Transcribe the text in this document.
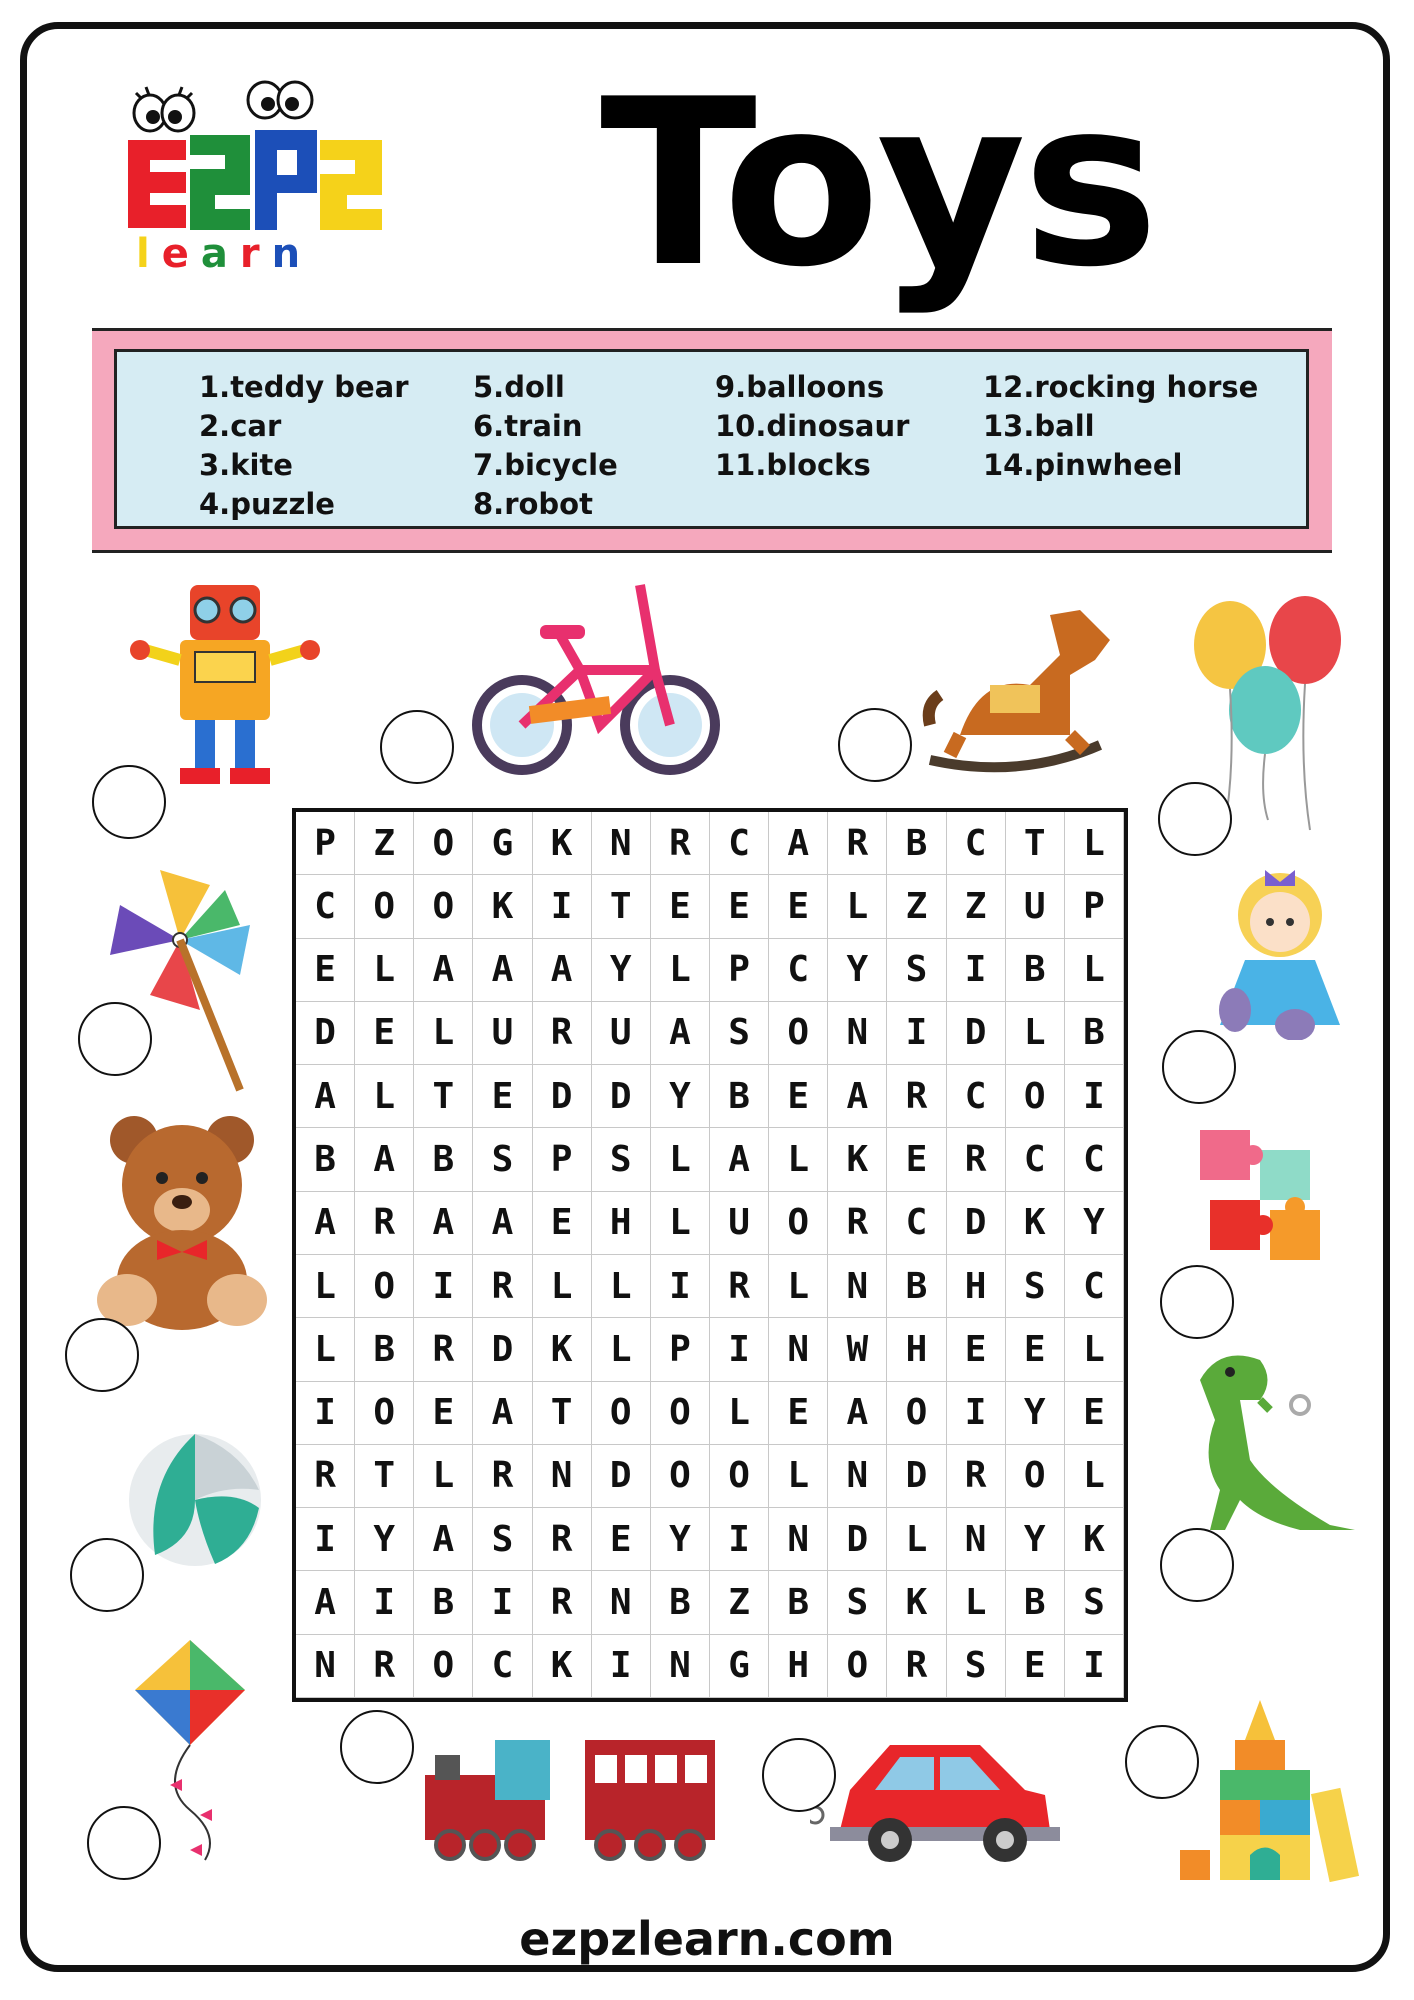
learn Toys
1.teddy bear
2.car
3.kite
4.puzzle
5.doll
6.train
7.bicycle
8.robot
9.balloons
10.dinosaur
11.blocks
12.rocking horse
13.ball
14.pinwheel
P	Z	O	G	K	N	R	C	A	R	B	C	T	L
C	O	O	K	I	T	E	E	E	L	Z	Z	U	P
E	L	A	A	A	Y	L	P	C	Y	S	I	B	L
D	E	L	U	R	U	A	S	O	N	I	D	L	B
A	L	T	E	D	D	Y	B	E	A	R	C	O	I
B	A	B	S	P	S	L	A	L	K	E	R	C	C
A	R	A	A	E	H	L	U	O	R	C	D	K	Y
L	O	I	R	L	L	I	R	L	N	B	H	S	C
L	B	R	D	K	L	P	I	N	W	H	E	E	L
I	O	E	A	T	O	O	L	E	A	O	I	Y	E
R	T	L	R	N	D	O	O	L	N	D	R	O	L
I	Y	A	S	R	E	Y	I	N	D	L	N	Y	K
A	I	B	I	R	N	B	Z	B	S	K	L	B	S
N	R	O	C	K	I	N	G	H	O	R	S	E	I
ezpzlearn.com
